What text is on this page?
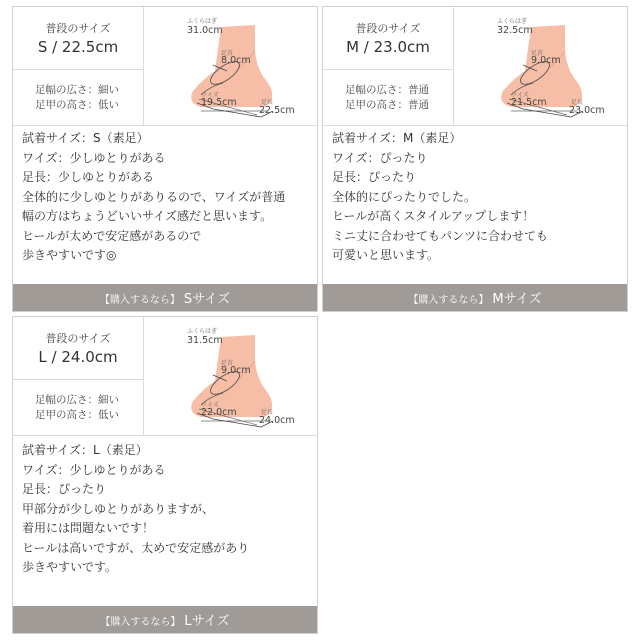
普段のサイズ
S / 22.5cm
足幅の広さ：細い
足甲の高さ：低い
ふくらはぎ
31.0cm
足首
8.0cm
ワイズ
19.5cm	足長
22.5cm
試着サイズ：S（素足）
ワイズ：少しゆとりがある
足長：少しゆとりがある
全体的に少しゆとりがありるので、ワイズが普通
幅の方はちょうどいいサイズ感だと思います。
ヒールが太めで安定感があるので
歩きやすいです◎
【購入するなら】 Sサイズ
普段のサイズ
M / 23.0cm
足幅の広さ：普通
足甲の高さ：普通
ふくらはぎ
32.5cm
足首
9.0cm
ワイズ
21.5cm	足長
23.0cm
試着サイズ：M（素足）
ワイズ：ぴったり
足長：ぴったり
全体的にぴったりでした。
ヒールが高くスタイルアップします！
ミニ丈に合わせてもパンツに合わせても
可愛いと思います。
【購入するなら】 Mサイズ
普段のサイズ
L / 24.0cm
足幅の広さ：細い
足甲の高さ：低い
ふくらはぎ
31.5cm
足首
9.0cm
ワイズ
22.0cm	足長
24.0cm
試着サイズ：L（素足）
ワイズ：少しゆとりがある
足長：ぴったり
甲部分が少しゆとりがありますが、
着用には問題ないです！
ヒールは高いですが、太めで安定感があり
歩きやすいです。
【購入するなら】 Lサイズ
